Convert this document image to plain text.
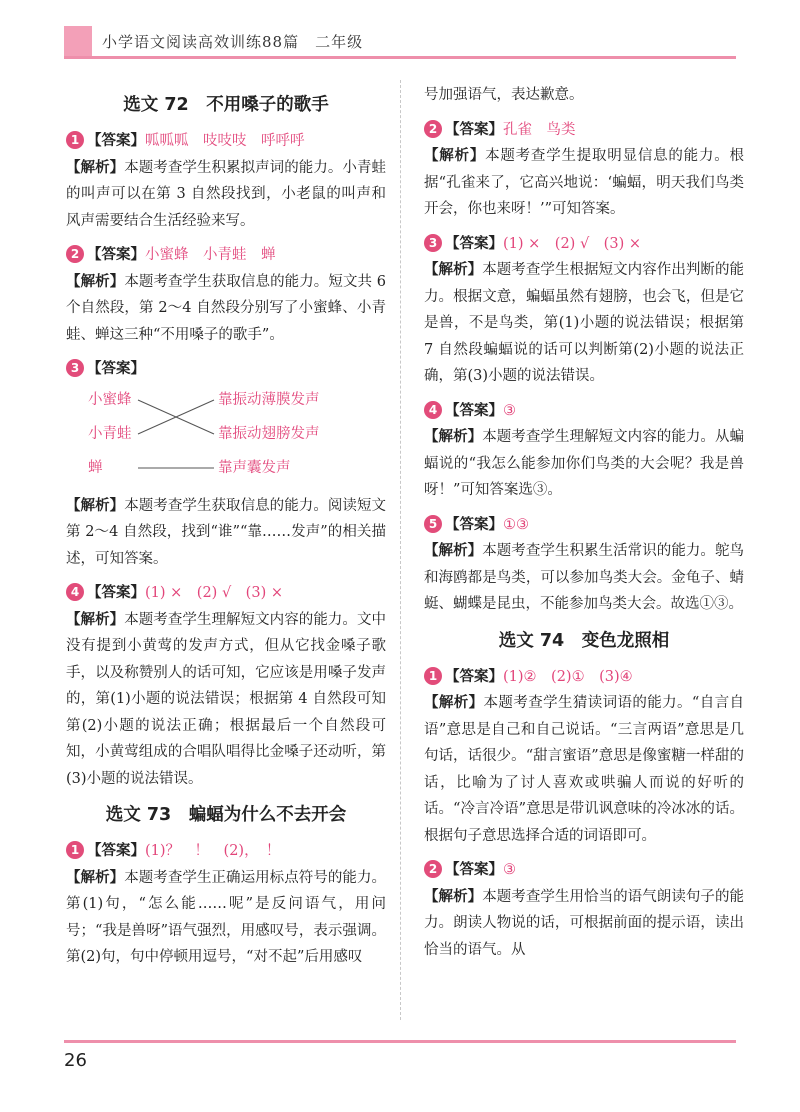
小学语文阅读高效训练88篇　二年级
选文 72　不用嗓子的歌手
1 【答案】呱呱呱　吱吱吱　呼呼呼
【解析】本题考查学生积累拟声词的能力。小青蛙的叫声可以在第 3 自然段找到，小老鼠的叫声和风声需要结合生活经验来写。
2 【答案】小蜜蜂　小青蛙　蝉
【解析】本题考查学生获取信息的能力。短文共 6 个自然段，第 2～4 自然段分别写了小蜜蜂、小青蛙、蝉这三种“不用嗓子的歌手”。
3 【答案】
小蜜蜂
小青蛙
蝉
靠振动薄膜发声
靠振动翅膀发声
靠声囊发声
【解析】本题考查学生获取信息的能力。阅读短文第 2～4 自然段，找到“谁”“靠……发声”的相关描述，可知答案。
4 【答案】(1) ×　(2) √　(3) ×
【解析】本题考查学生理解短文内容的能力。文中没有提到小黄莺的发声方式，但从它找金嗓子歌手，以及称赞别人的话可知，它应该是用嗓子发声的，第(1)小题的说法错误；根据第 4 自然段可知第(2)小题的说法正确；根据最后一个自然段可知，小黄莺组成的合唱队唱得比金嗓子还动听，第(3)小题的说法错误。
选文 73　蝙蝠为什么不去开会
1 【答案】(1)？　！　(2)，　！
【解析】本题考查学生正确运用标点符号的能力。第(1)句，“怎么能……呢”是反问语气，用问号；“我是兽呀”语气强烈，用感叹号，表示强调。第(2)句，句中停顿用逗号，“对不起”后用感叹
号加强语气，表达歉意。
2 【答案】孔雀　鸟类
【解析】本题考查学生提取明显信息的能力。根据“孔雀来了，它高兴地说：‘蝙蝠，明天我们鸟类开会，你也来呀！’”可知答案。
3 【答案】(1) ×　(2) √　(3) ×
【解析】本题考查学生根据短文内容作出判断的能力。根据文意，蝙蝠虽然有翅膀，也会飞，但是它是兽，不是鸟类，第(1)小题的说法错误；根据第 7 自然段蝙蝠说的话可以判断第(2)小题的说法正确，第(3)小题的说法错误。
4 【答案】③
【解析】本题考查学生理解短文内容的能力。从蝙蝠说的“我怎么能参加你们鸟类的大会呢？我是兽呀！”可知答案选③。
5 【答案】①③
【解析】本题考查学生积累生活常识的能力。鸵鸟和海鸥都是鸟类，可以参加鸟类大会。金龟子、蜻蜓、蝴蝶是昆虫，不能参加鸟类大会。故选①③。
选文 74　变色龙照相
1 【答案】(1)②　(2)①　(3)④
【解析】本题考查学生猜读词语的能力。“自言自语”意思是自己和自己说话。“三言两语”意思是几句话，话很少。“甜言蜜语”意思是像蜜糖一样甜的话，比喻为了讨人喜欢或哄骗人而说的好听的话。“冷言冷语”意思是带讥讽意味的冷冰冰的话。根据句子意思选择合适的词语即可。
2 【答案】③
【解析】本题考查学生用恰当的语气朗读句子的能力。朗读人物说的话，可根据前面的提示语，读出恰当的语气。从
26
